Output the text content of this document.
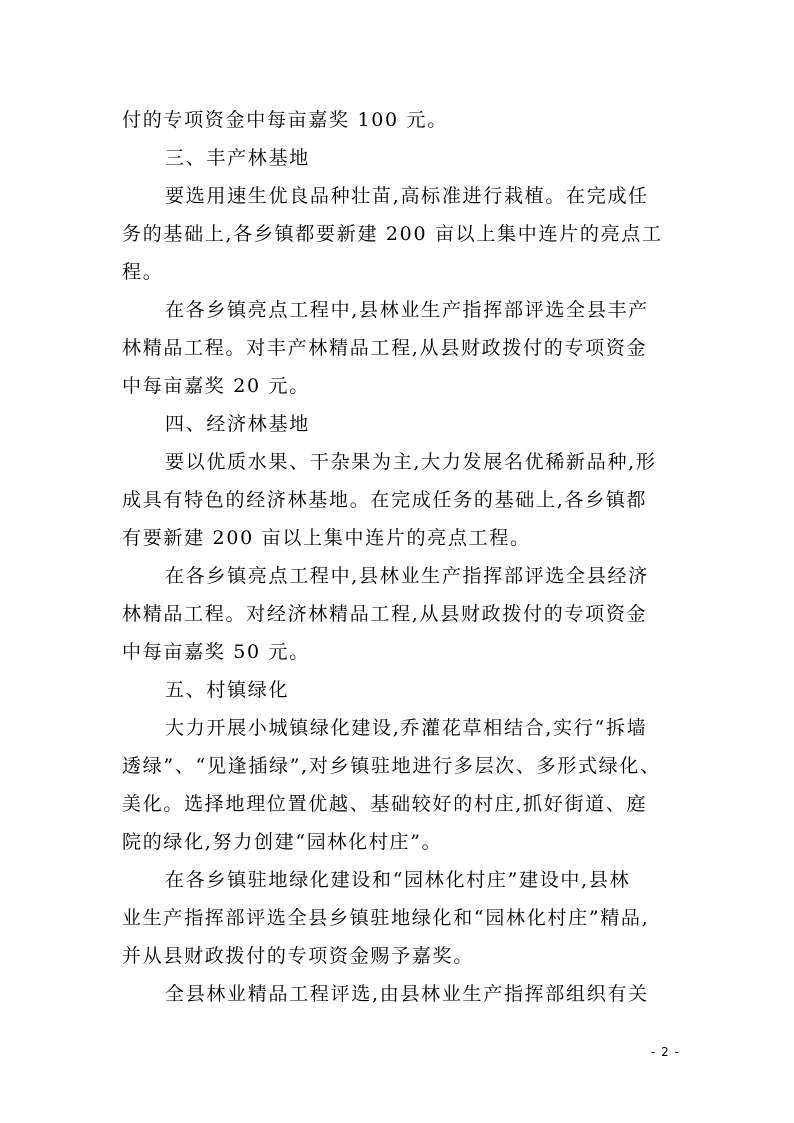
付的专项资金中每亩嘉奖 100 元。
三、丰产林基地
要选用速生优良品种壮苗,高标准进行栽植。在完成任
务的基础上,各乡镇都要新建 200 亩以上集中连片的亮点工
程。
在各乡镇亮点工程中,县林业生产指挥部评选全县丰产
林精品工程。对丰产林精品工程,从县财政拨付的专项资金
中每亩嘉奖 20 元。
四、经济林基地
要以优质水果、干杂果为主,大力发展名优稀新品种,形
成具有特色的经济林基地。在完成任务的基础上,各乡镇都
有要新建 200 亩以上集中连片的亮点工程。
在各乡镇亮点工程中,县林业生产指挥部评选全县经济
林精品工程。对经济林精品工程,从县财政拨付的专项资金
中每亩嘉奖 50 元。
五、村镇绿化
大力开展小城镇绿化建设,乔灌花草相结合,实行“拆墙
透绿”、“见逢插绿”,对乡镇驻地进行多层次、多形式绿化、
美化。选择地理位置优越、基础较好的村庄,抓好街道、庭
院的绿化,努力创建“园林化村庄”。
在各乡镇驻地绿化建设和“园林化村庄”建设中,县林
业生产指挥部评选全县乡镇驻地绿化和“园林化村庄”精品,
并从县财政拨付的专项资金赐予嘉奖。
全县林业精品工程评选,由县林业生产指挥部组织有关
- 2 -
